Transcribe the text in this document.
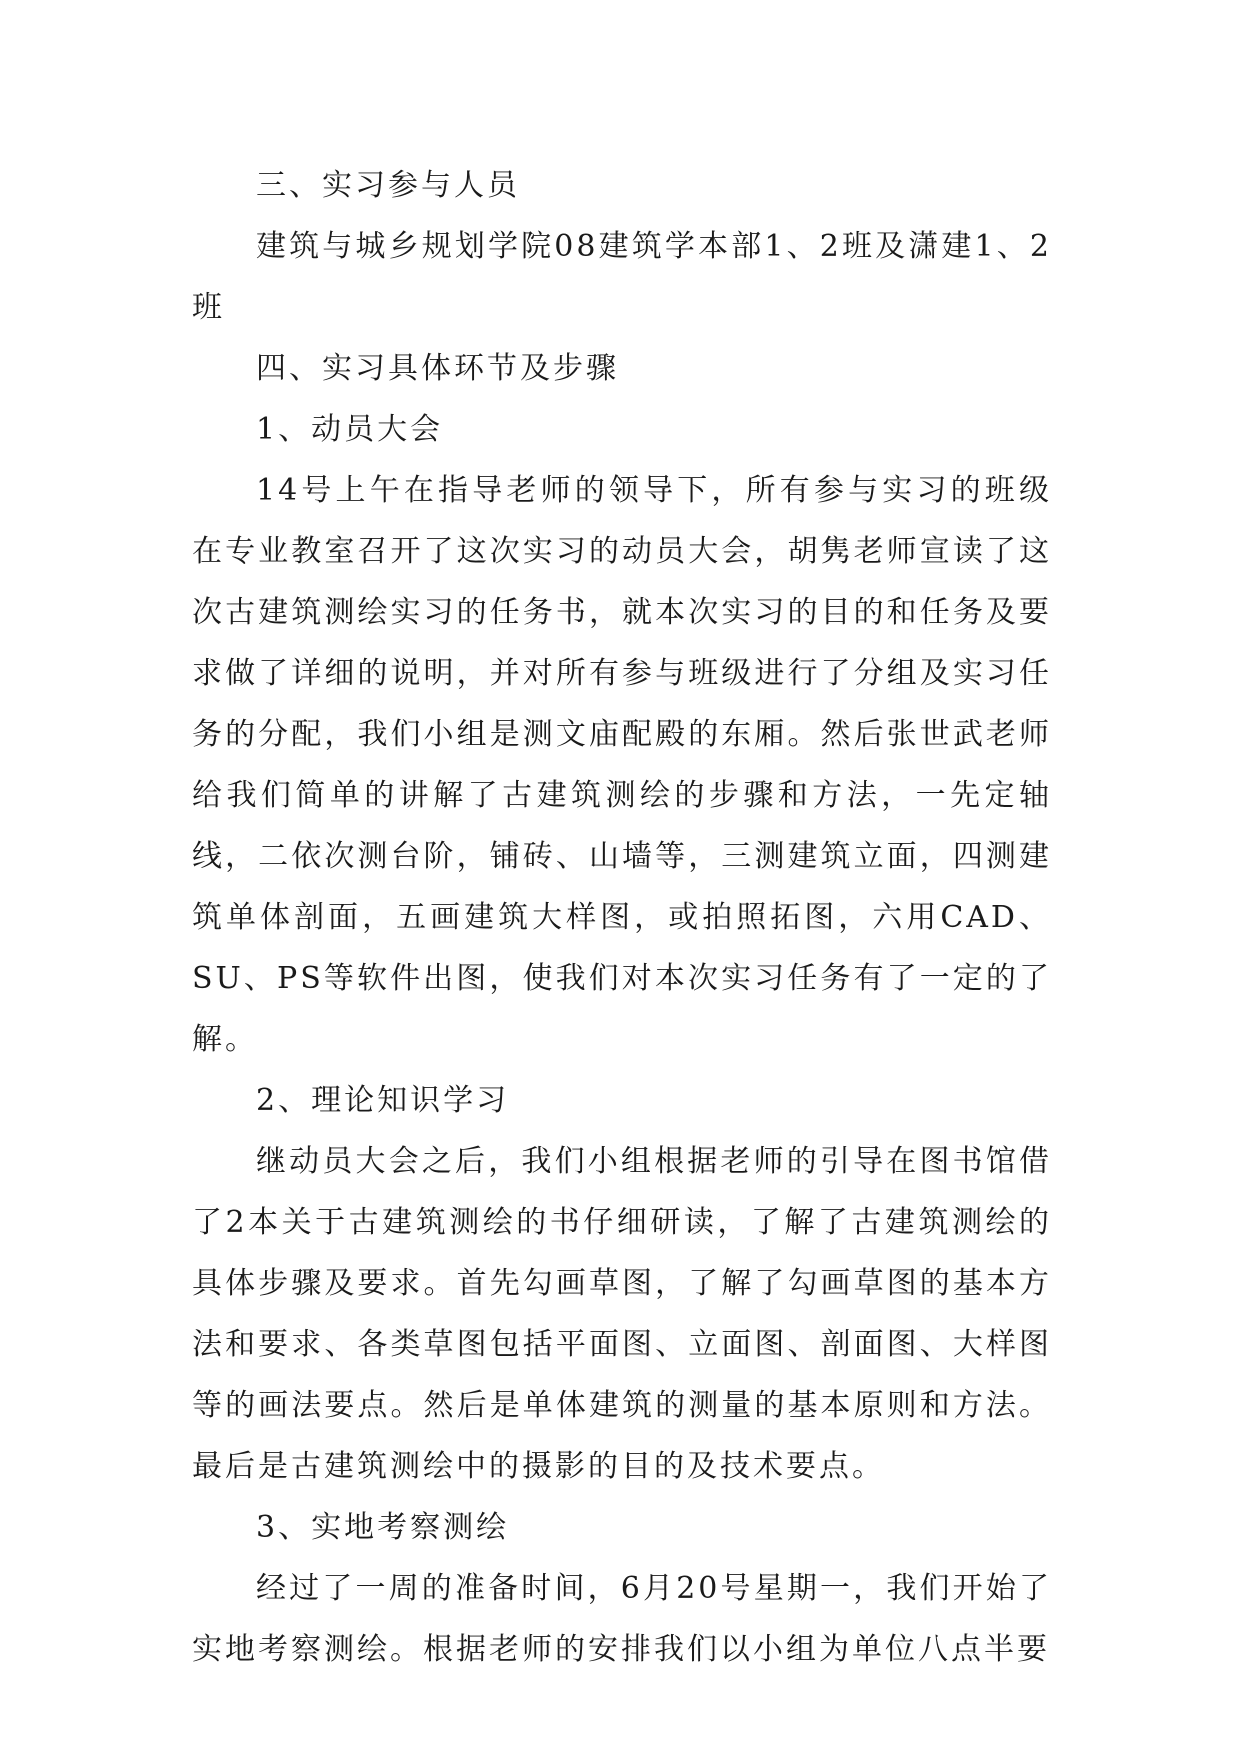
三、实习参与人员

建筑与城乡规划学院08建筑学本部1、2班及潇建1、2班

四、实习具体环节及步骤

1、动员大会

14号上午在指导老师的领导下，所有参与实习的班级在专业教室召开了这次实习的动员大会，胡隽老师宣读了这次古建筑测绘实习的任务书，就本次实习的目的和任务及要求做了详细的说明，并对所有参与班级进行了分组及实习任务的分配，我们小组是测文庙配殿的东厢。然后张世武老师给我们简单的讲解了古建筑测绘的步骤和方法，一先定轴线，二依次测台阶，铺砖、山墙等，三测建筑立面，四测建筑单体剖面，五画建筑大样图，或拍照拓图，六用CAD、SU、PS等软件出图，使我们对本次实习任务有了一定的了解。

2、理论知识学习

继动员大会之后，我们小组根据老师的引导在图书馆借了2本关于古建筑测绘的书仔细研读，了解了古建筑测绘的具体步骤及要求。首先勾画草图，了解了勾画草图的基本方法和要求、各类草图包括平面图、立面图、剖面图、大样图等的画法要点。然后是单体建筑的测量的基本原则和方法。最后是古建筑测绘中的摄影的目的及技术要点。

3、实地考察测绘

经过了一周的准备时间，6月20号星期一，我们开始了实地考察测绘。根据老师的安排我们以小组为单位八点半要
